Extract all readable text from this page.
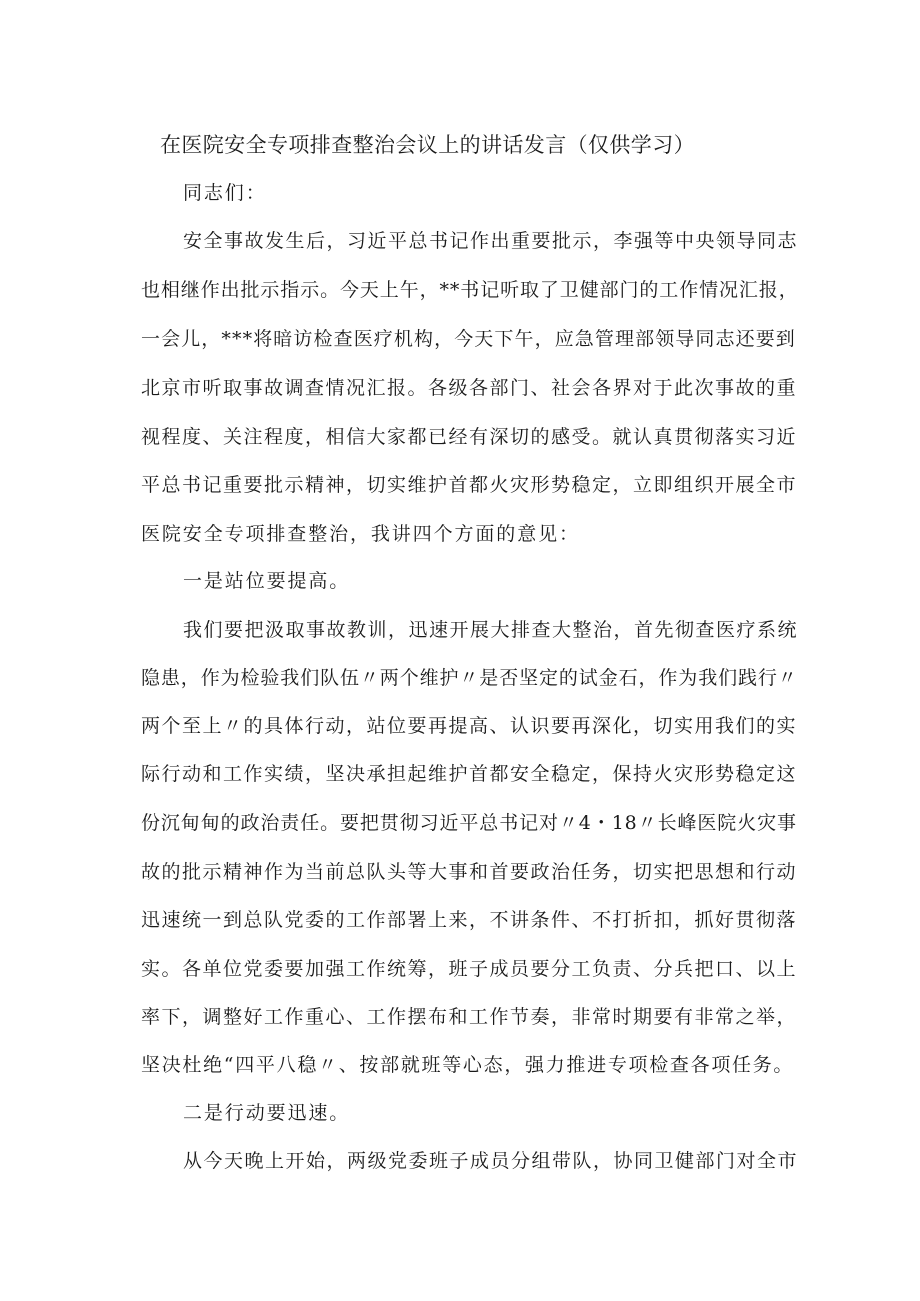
在医院安全专项排查整治会议上的讲话发言（仅供学习）
同志们：
安全事故发生后，习近平总书记作出重要批示，李强等中央领导同志
也相继作出批示指示。今天上午，**书记听取了卫健部门的工作情况汇报，
一会儿，***将暗访检查医疗机构，今天下午，应急管理部领导同志还要到
北京市听取事故调查情况汇报。各级各部门、社会各界对于此次事故的重
视程度、关注程度，相信大家都已经有深切的感受。就认真贯彻落实习近
平总书记重要批示精神，切实维护首都火灾形势稳定，立即组织开展全市
医院安全专项排查整治，我讲四个方面的意见：
一是站位要提高。
我们要把汲取事故教训，迅速开展大排查大整治，首先彻查医疗系统
隐患，作为检验我们队伍〃两个维护〃是否坚定的试金石，作为我们践行〃
两个至上〃的具体行动，站位要再提高、认识要再深化，切实用我们的实
际行动和工作实绩，坚决承担起维护首都安全稳定，保持火灾形势稳定这
份沉甸甸的政治责任。要把贯彻习近平总书记对〃4・18〃长峰医院火灾事
故的批示精神作为当前总队头等大事和首要政治任务，切实把思想和行动
迅速统一到总队党委的工作部署上来，不讲条件、不打折扣，抓好贯彻落
实。各单位党委要加强工作统筹，班子成员要分工负责、分兵把口、以上
率下，调整好工作重心、工作摆布和工作节奏，非常时期要有非常之举，
坚决杜绝“四平八稳〃、按部就班等心态，强力推进专项检查各项任务。
二是行动要迅速。
从今天晚上开始，两级党委班子成员分组带队，协同卫健部门对全市
